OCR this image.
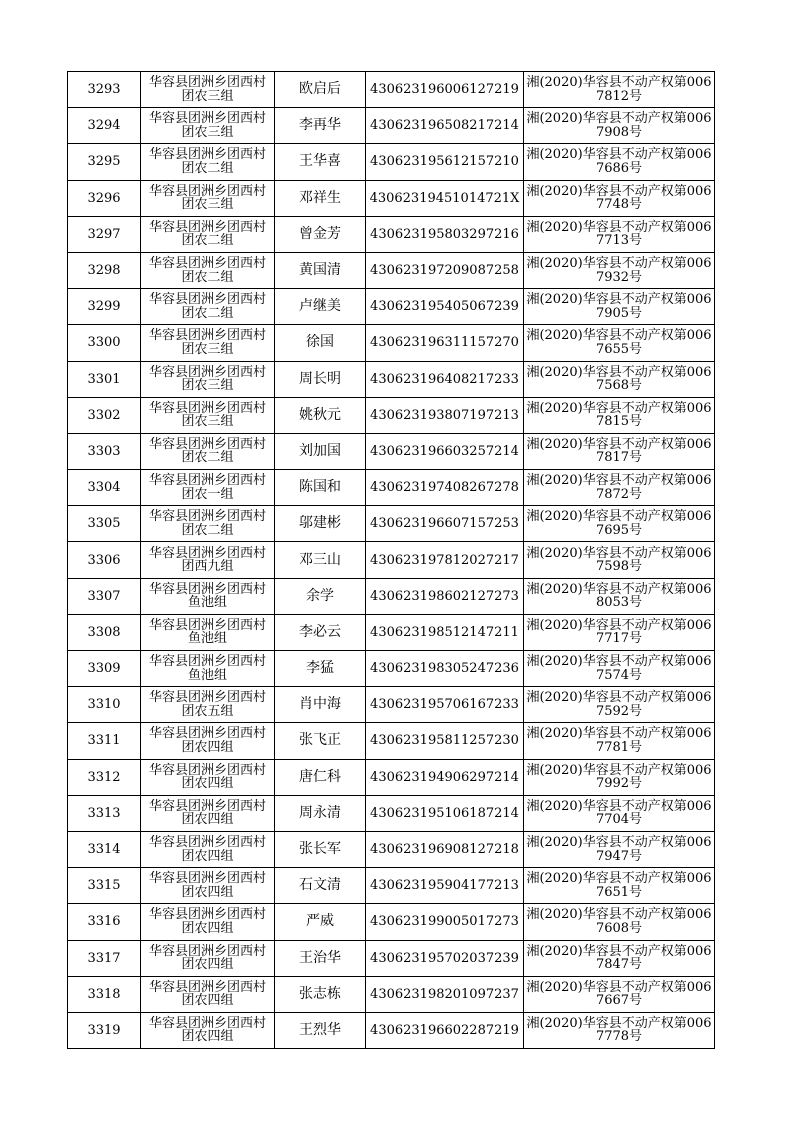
3293	华容县团洲乡团西村团农三组	欧启后	430623196006127219	湘(2020)华容县不动产权第0067812号

3294	华容县团洲乡团西村团农三组	李再华	430623196508217214	湘(2020)华容县不动产权第0067908号

3295	华容县团洲乡团西村团农二组	王华喜	430623195612157210	湘(2020)华容县不动产权第0067686号

3296	华容县团洲乡团西村团农三组	邓祥生	43062319451014721X	湘(2020)华容县不动产权第0067748号

3297	华容县团洲乡团西村团农二组	曾金芳	430623195803297216	湘(2020)华容县不动产权第0067713号

3298	华容县团洲乡团西村团农二组	黄国清	430623197209087258	湘(2020)华容县不动产权第0067932号

3299	华容县团洲乡团西村团农二组	卢继美	430623195405067239	湘(2020)华容县不动产权第0067905号

3300	华容县团洲乡团西村团农三组	徐国	430623196311157270	湘(2020)华容县不动产权第0067655号

3301	华容县团洲乡团西村团农三组	周长明	430623196408217233	湘(2020)华容县不动产权第0067568号

3302	华容县团洲乡团西村团农三组	姚秋元	430623193807197213	湘(2020)华容县不动产权第0067815号

3303	华容县团洲乡团西村团农二组	刘加国	430623196603257214	湘(2020)华容县不动产权第0067817号

3304	华容县团洲乡团西村团农一组	陈国和	430623197408267278	湘(2020)华容县不动产权第0067872号

3305	华容县团洲乡团西村团农二组	邬建彬	430623196607157253	湘(2020)华容县不动产权第0067695号

3306	华容县团洲乡团西村团西九组	邓三山	430623197812027217	湘(2020)华容县不动产权第0067598号

3307	华容县团洲乡团西村鱼池组	余学	430623198602127273	湘(2020)华容县不动产权第0068053号

3308	华容县团洲乡团西村鱼池组	李必云	430623198512147211	湘(2020)华容县不动产权第0067717号

3309	华容县团洲乡团西村鱼池组	李猛	430623198305247236	湘(2020)华容县不动产权第0067574号

3310	华容县团洲乡团西村团农五组	肖中海	430623195706167233	湘(2020)华容县不动产权第0067592号

3311	华容县团洲乡团西村团农四组	张飞正	430623195811257230	湘(2020)华容县不动产权第0067781号

3312	华容县团洲乡团西村团农四组	唐仁科	430623194906297214	湘(2020)华容县不动产权第0067992号

3313	华容县团洲乡团西村团农四组	周永清	430623195106187214	湘(2020)华容县不动产权第0067704号

3314	华容县团洲乡团西村团农四组	张长军	430623196908127218	湘(2020)华容县不动产权第0067947号

3315	华容县团洲乡团西村团农四组	石文清	430623195904177213	湘(2020)华容县不动产权第0067651号

3316	华容县团洲乡团西村团农四组	严威	430623199005017273	湘(2020)华容县不动产权第0067608号

3317	华容县团洲乡团西村团农四组	王治华	430623195702037239	湘(2020)华容县不动产权第0067847号

3318	华容县团洲乡团西村团农四组	张志栋	430623198201097237	湘(2020)华容县不动产权第0067667号

3319	华容县团洲乡团西村团农四组	王烈华	430623196602287219	湘(2020)华容县不动产权第0067778号
